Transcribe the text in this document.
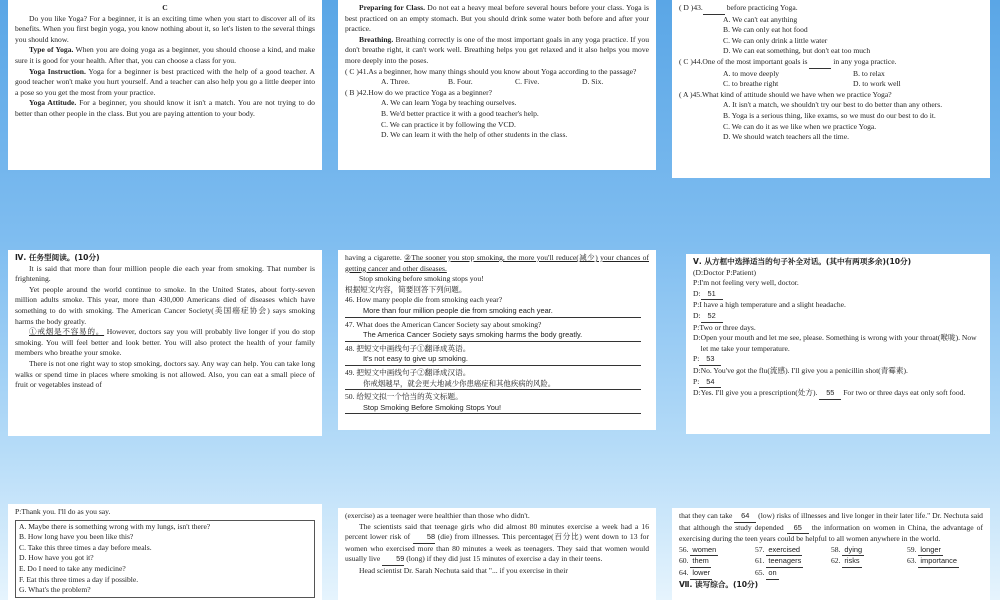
C

Do you like Yoga? For a beginner, it is an exciting time when you start to discover all of its benefits. When you first begin yoga, you know nothing about it, so let's listen to the several things you should know.

Type of Yoga. When you are doing yoga as a beginner, you should choose a kind, and make sure it is good for your health. After that, you can choose a class for you.

Yoga Instruction. Yoga for a beginner is best practiced with the help of a good teacher. A good teacher won't make you hurt yourself. And a teacher can also help you go a little deeper into a pose so you get the most from your practice.

Yoga Attitude. For a beginner, you should know it isn't a match. You are not trying to do better than other people in the class. But you are paying attention to your body.

Preparing for Class. Do not eat a heavy meal before several hours before your class. Yoga is best practiced on an empty stomach. But you should drink some water both before and after your practice.

Breathing. Breathing correctly is one of the most important goals in any yoga practice. If you don't breathe right, it can't work well. Breathing helps you get relaxed and it also helps you move more deeply into the poses.

( C )41. As a beginner, how many things should you know about Yoga according to the passage?
A. Three.	B. Four.	C. Five.	D. Six.
( B )42. How do we practice Yoga as a beginner?
A. We can learn Yoga by teaching ourselves.
B. We'd better practice it with a good teacher's help.
C. We can practice it by following the VCD.
D. We can learn it with the help of other students in the class.
( D )43.	before practicing Yoga.
A. We can't eat anything
B. We can only eat hot food
C. We can only drink a little water
D. We can eat something, but don't eat too much
( C )44. One of the most important goals is	in any yoga practice.
A. to move deeply	B. to relax
C. to breathe right	D. to work well
( A )45. What kind of attitude should we have when we practice Yoga?
A. It isn't a match, we shouldn't try our best to do better than any others.
B. Yoga is a serious thing, like exams, so we must do our best to do it.
C. We can do it as we like when we practice Yoga.
D. We should watch teachers all the time.

Ⅳ. 任务型阅读。(10分)

It is said that more than four million people die each year from smoking. That number is frightening.

Yet people around the world continue to smoke. In the United States, about forty-seven million adults smoke. This year, more than 430,000 Americans died of diseases which have something to do with smoking. The American Cancer Society(美国癌症协会) says smoking harms the body greatly.

①戒烟是不容易的。 However, doctors say you will probably live longer if you do stop smoking. You will feel better and look better. You will also protect the health of your family members who breathe your smoke.

There is not one right way to stop smoking, doctors say. Any way can help. You can take long walks or spend time in places where smoking is not allowed. Also, you can eat a small piece of fruit or vegetables instead of

having a cigarette. ②The sooner you stop smoking, the more you'll reduce(减少) your chances of getting cancer and other diseases.

Stop smoking before smoking stops you!

根据短文内容，简要回答下列问题。

46. How many people die from smoking each year?

More than four million people die from smoking each year.

47. What does the American Cancer Society say about smoking?

The America Cancer Society says smoking harms the body greatly.

48. 把短文中画线句子①翻译成英语。

It's not easy to give up smoking.

49. 把短文中画线句子②翻译成汉语。

你戒烟越早，就会更大地减少你患癌症和其他疾病的风险。

50. 给短文拟一个恰当的英文标题。

Stop Smoking Before Smoking Stops You!

Ⅴ. 从方框中选择适当的句子补全对话。(其中有两项多余)(10分)

(D:Doctor P:Patient)

P: I'm not feeling very well, doctor.
D: 51
P: I have a high temperature and a slight headache.
D: 52
P: Two or three days.
D: Open your mouth and let me see, please. Something is wrong with your throat(喉咙). Now let me take your temperature.
P: 53
D: No. You've got the flu(流感). I'll give you a penicillin shot(青霉素).
P: 54
D: Yes. I'll give you a prescription(处方). 55 For two or three days eat only soft food.

P:Thank you. I'll do as you say.

A. Maybe there is something wrong with my lungs, isn't there?
B. How long have you been like this?
C. Take this three times a day before meals.
D. How have you got it?
E. Do I need to take any medicine?
F. Eat this three times a day if possible.
G. What's the problem?

(exercise) as a teenager were healthier than those who didn't.

The scientists said that teenage girls who did almost 80 minutes exercise a week had a 16 percent lower risk of 58 (die) from illnesses. This percentage(百分比) went down to 13 for women who exercised more than 80 minutes a week as teenagers. They said that women would usually live 59 (long) if they did just 15 minutes of exercise a day in their teens.

Head scientist Dr. Sarah Nechuta said that "... if you exercise in their

that they can take 64 (low) risks of illnesses and live longer in their later life." Dr. Nechuta said that although the study depended 65 the information on women in China, the advantage of exercising during the teen years could be helpful to all women anywhere in the world.

56. women	57. exercised	58. dying	59. longer
60. them	61. teenagers	62. risks	63. importance
64. lower	65. on

Ⅶ. 读写综合。(10分)
